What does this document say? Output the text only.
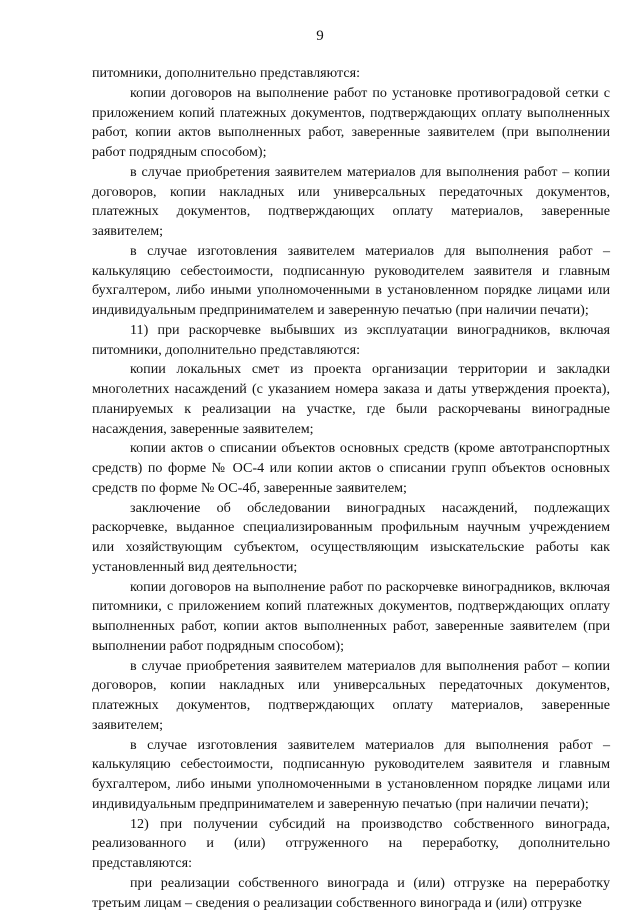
9

питомники, дополнительно представляются:

копии договоров на выполнение работ по установке противоградовой сетки с приложением копий платежных документов, подтверждающих оплату выполненных работ, копии актов выполненных работ, заверенные заявителем (при выполнении работ подрядным способом);

в случае приобретения заявителем материалов для выполнения работ – копии договоров, копии накладных или универсальных передаточных документов, платежных документов, подтверждающих оплату материалов, заверенные заявителем;

в случае изготовления заявителем материалов для выполнения работ – калькуляцию себестоимости, подписанную руководителем заявителя и главным бухгалтером, либо иными уполномоченными в установленном порядке лицами или индивидуальным предпринимателем и заверенную печатью (при наличии печати);

11) при раскорчевке выбывших из эксплуатации виноградников, включая питомники, дополнительно представляются:

копии локальных смет из проекта организации территории и закладки многолетних насаждений (с указанием номера заказа и даты утверждения проекта), планируемых к реализации на участке, где были раскорчеваны виноградные насаждения, заверенные заявителем;

копии актов о списании объектов основных средств (кроме автотранспортных средств) по форме № ОС-4 или копии актов о списании групп объектов основных средств по форме № ОС-4б, заверенные заявителем;

заключение об обследовании виноградных насаждений, подлежащих раскорчевке, выданное специализированным профильным научным учреждением или хозяйствующим субъектом, осуществляющим изыскательские работы как установленный вид деятельности;

копии договоров на выполнение работ по раскорчевке виноградников, включая питомники, с приложением копий платежных документов, подтверждающих оплату выполненных работ, копии актов выполненных работ, заверенные заявителем (при выполнении работ подрядным способом);

в случае приобретения заявителем материалов для выполнения работ – копии договоров, копии накладных или универсальных передаточных документов, платежных документов, подтверждающих оплату материалов, заверенные заявителем;

в случае изготовления заявителем материалов для выполнения работ – калькуляцию себестоимости, подписанную руководителем заявителя и главным бухгалтером, либо иными уполномоченными в установленном порядке лицами или индивидуальным предпринимателем и заверенную печатью (при наличии печати);

12) при получении субсидий на производство собственного винограда, реализованного и (или) отгруженного на переработку, дополнительно представляются:

при реализации собственного винограда и (или) отгрузке на переработку третьим лицам – сведения о реализации собственного винограда и (или) отгрузке
